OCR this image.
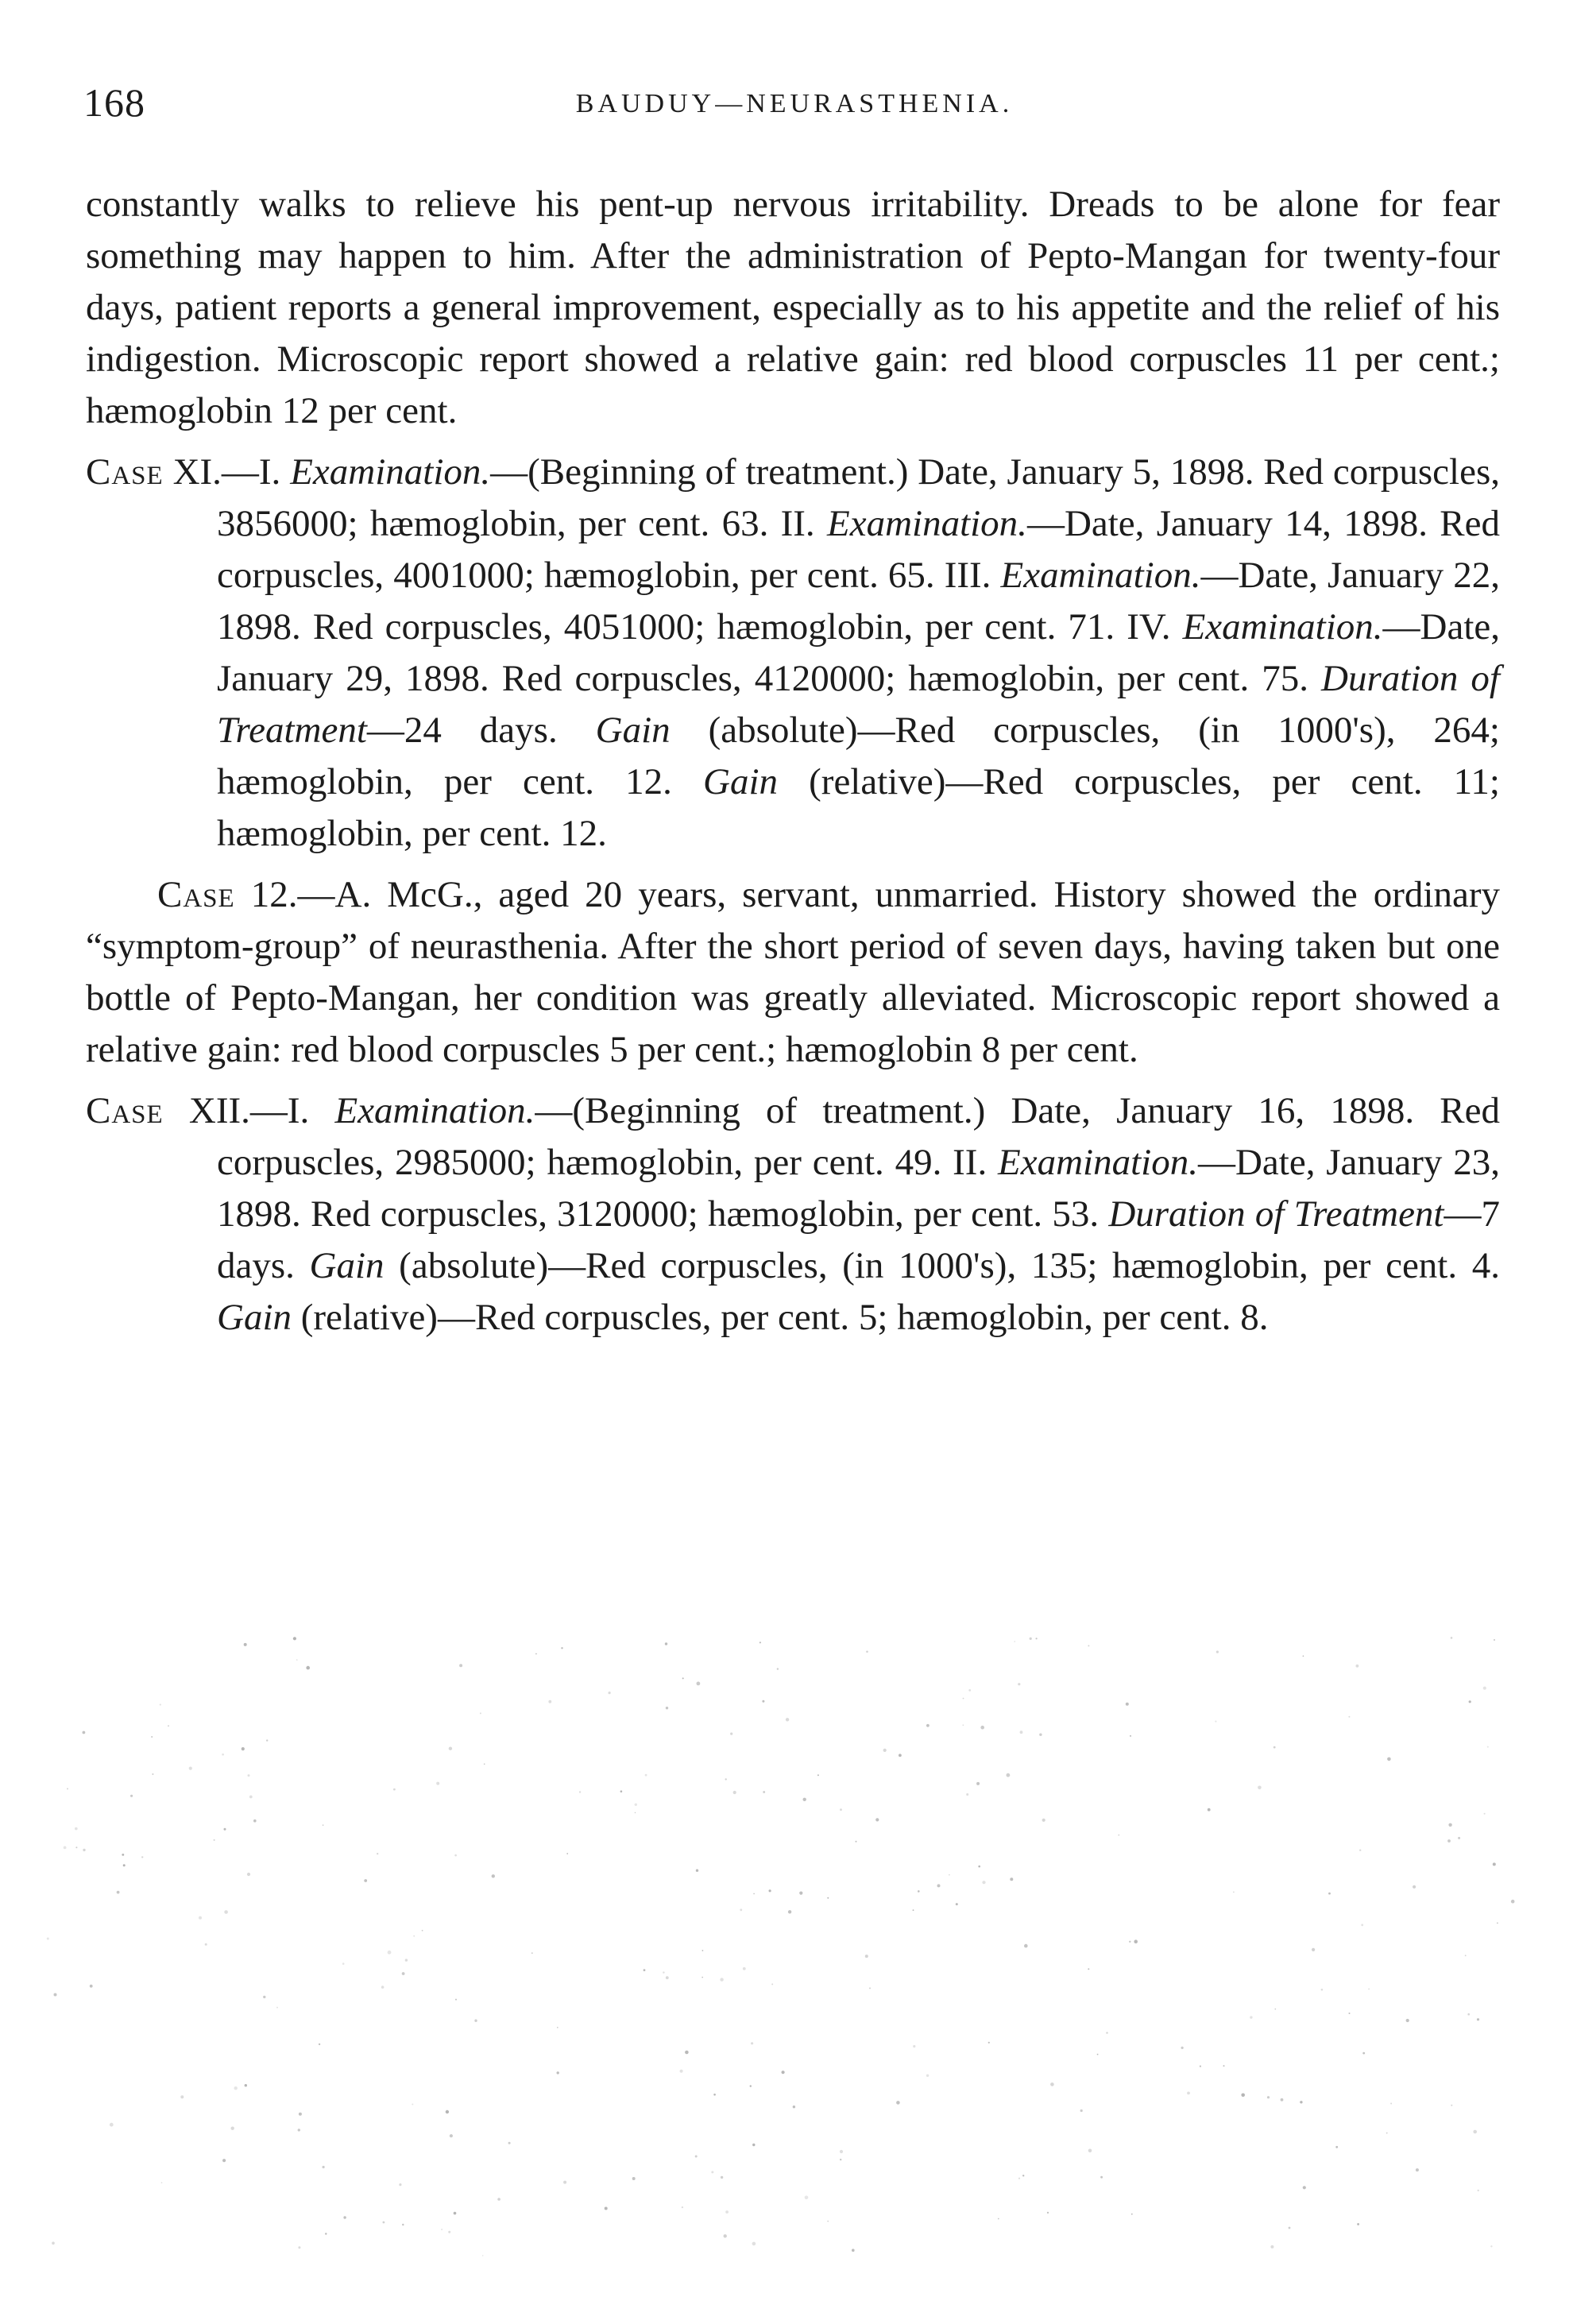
168	BAUDUY—NEURASTHENIA.

constantly walks to relieve his pent-up nervous irritability. Dreads to be alone for fear something may happen to him. After the administration of Pepto-Mangan for twenty-four days, patient reports a general improvement, especially as to his appetite and the relief of his indigestion. Microscopic report showed a relative gain: red blood corpuscles 11 per cent.; hæmoglobin 12 per cent.

Case XI.—I. Examination.—(Beginning of treatment.) Date, January 5, 1898. Red corpuscles, 3856000; hæmoglobin, per cent. 63. II. Examination.—Date, January 14, 1898. Red corpuscles, 4001000; hæmoglobin, per cent. 65. III. Examination.—Date, January 22, 1898. Red corpuscles, 4051000; hæmoglobin, per cent. 71. IV. Examination.—Date, January 29, 1898. Red corpuscles, 4120000; hæmoglobin, per cent. 75. Duration of Treatment—24 days. Gain (absolute)—Red corpuscles, (in 1000's), 264; hæmoglobin, per cent. 12. Gain (relative)—Red corpuscles, per cent. 11; hæmoglobin, per cent. 12.

Case 12.—A. McG., aged 20 years, servant, unmarried. History showed the ordinary “symptom-group” of neurasthenia. After the short period of seven days, having taken but one bottle of Pepto-Mangan, her condition was greatly alleviated. Microscopic report showed a relative gain: red blood corpuscles 5 per cent.; hæmoglobin 8 per cent.

Case XII.—I. Examination.—(Beginning of treatment.) Date, January 16, 1898. Red corpuscles, 2985000; hæmoglobin, per cent. 49. II. Examination.—Date, January 23, 1898. Red corpuscles, 3120000; hæmoglobin, per cent. 53. Duration of Treatment—7 days. Gain (absolute)—Red corpuscles, (in 1000's), 135; hæmoglobin, per cent. 4. Gain (relative)—Red corpuscles, per cent. 5; hæmoglobin, per cent. 8.
